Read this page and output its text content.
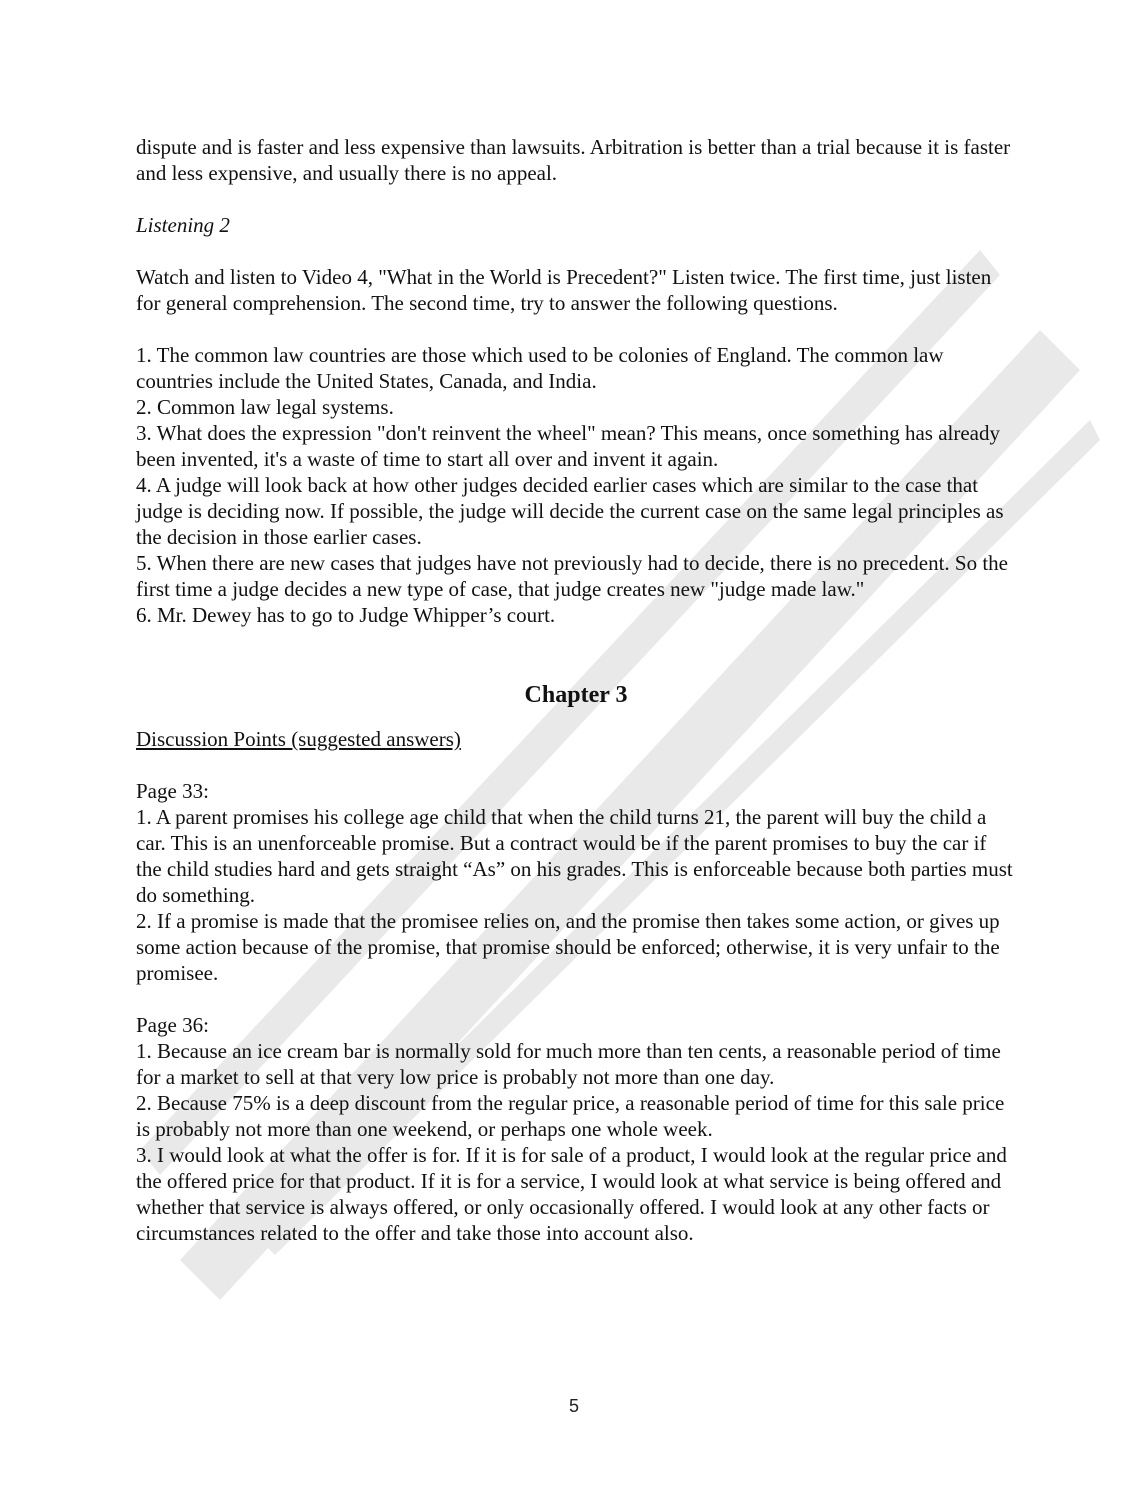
dispute and is faster and less expensive than lawsuits. Arbitration is better than a trial because it is faster and less expensive, and usually there is no appeal.

Listening 2

Watch and listen to Video 4, "What in the World is Precedent?" Listen twice. The first time, just listen for general comprehension. The second time, try to answer the following questions.

1. The common law countries are those which used to be colonies of England. The common law countries include the United States, Canada, and India.

2. Common law legal systems.

3. What does the expression "don't reinvent the wheel" mean? This means, once something has already been invented, it's a waste of time to start all over and invent it again.

4. A judge will look back at how other judges decided earlier cases which are similar to the case that judge is deciding now. If possible, the judge will decide the current case on the same legal principles as the decision in those earlier cases.

5. When there are new cases that judges have not previously had to decide, there is no precedent. So the first time a judge decides a new type of case, that judge creates new "judge made law."

6. Mr. Dewey has to go to Judge Whipper’s court.

Chapter 3

Discussion Points (suggested answers)

Page 33:

1. A parent promises his college age child that when the child turns 21, the parent will buy the child a car. This is an unenforceable promise. But a contract would be if the parent promises to buy the car if the child studies hard and gets straight “As” on his grades. This is enforceable because both parties must do something.

2. If a promise is made that the promisee relies on, and the promise then takes some action, or gives up some action because of the promise, that promise should be enforced; otherwise, it is very unfair to the promisee.

Page 36:

1. Because an ice cream bar is normally sold for much more than ten cents, a reasonable period of time for a market to sell at that very low price is probably not more than one day.

2. Because 75% is a deep discount from the regular price, a reasonable period of time for this sale price is probably not more than one weekend, or perhaps one whole week.

3. I would look at what the offer is for. If it is for sale of a product, I would look at the regular price and the offered price for that product. If it is for a service, I would look at what service is being offered and whether that service is always offered, or only occasionally offered. I would look at any other facts or circumstances related to the offer and take those into account also.

5
